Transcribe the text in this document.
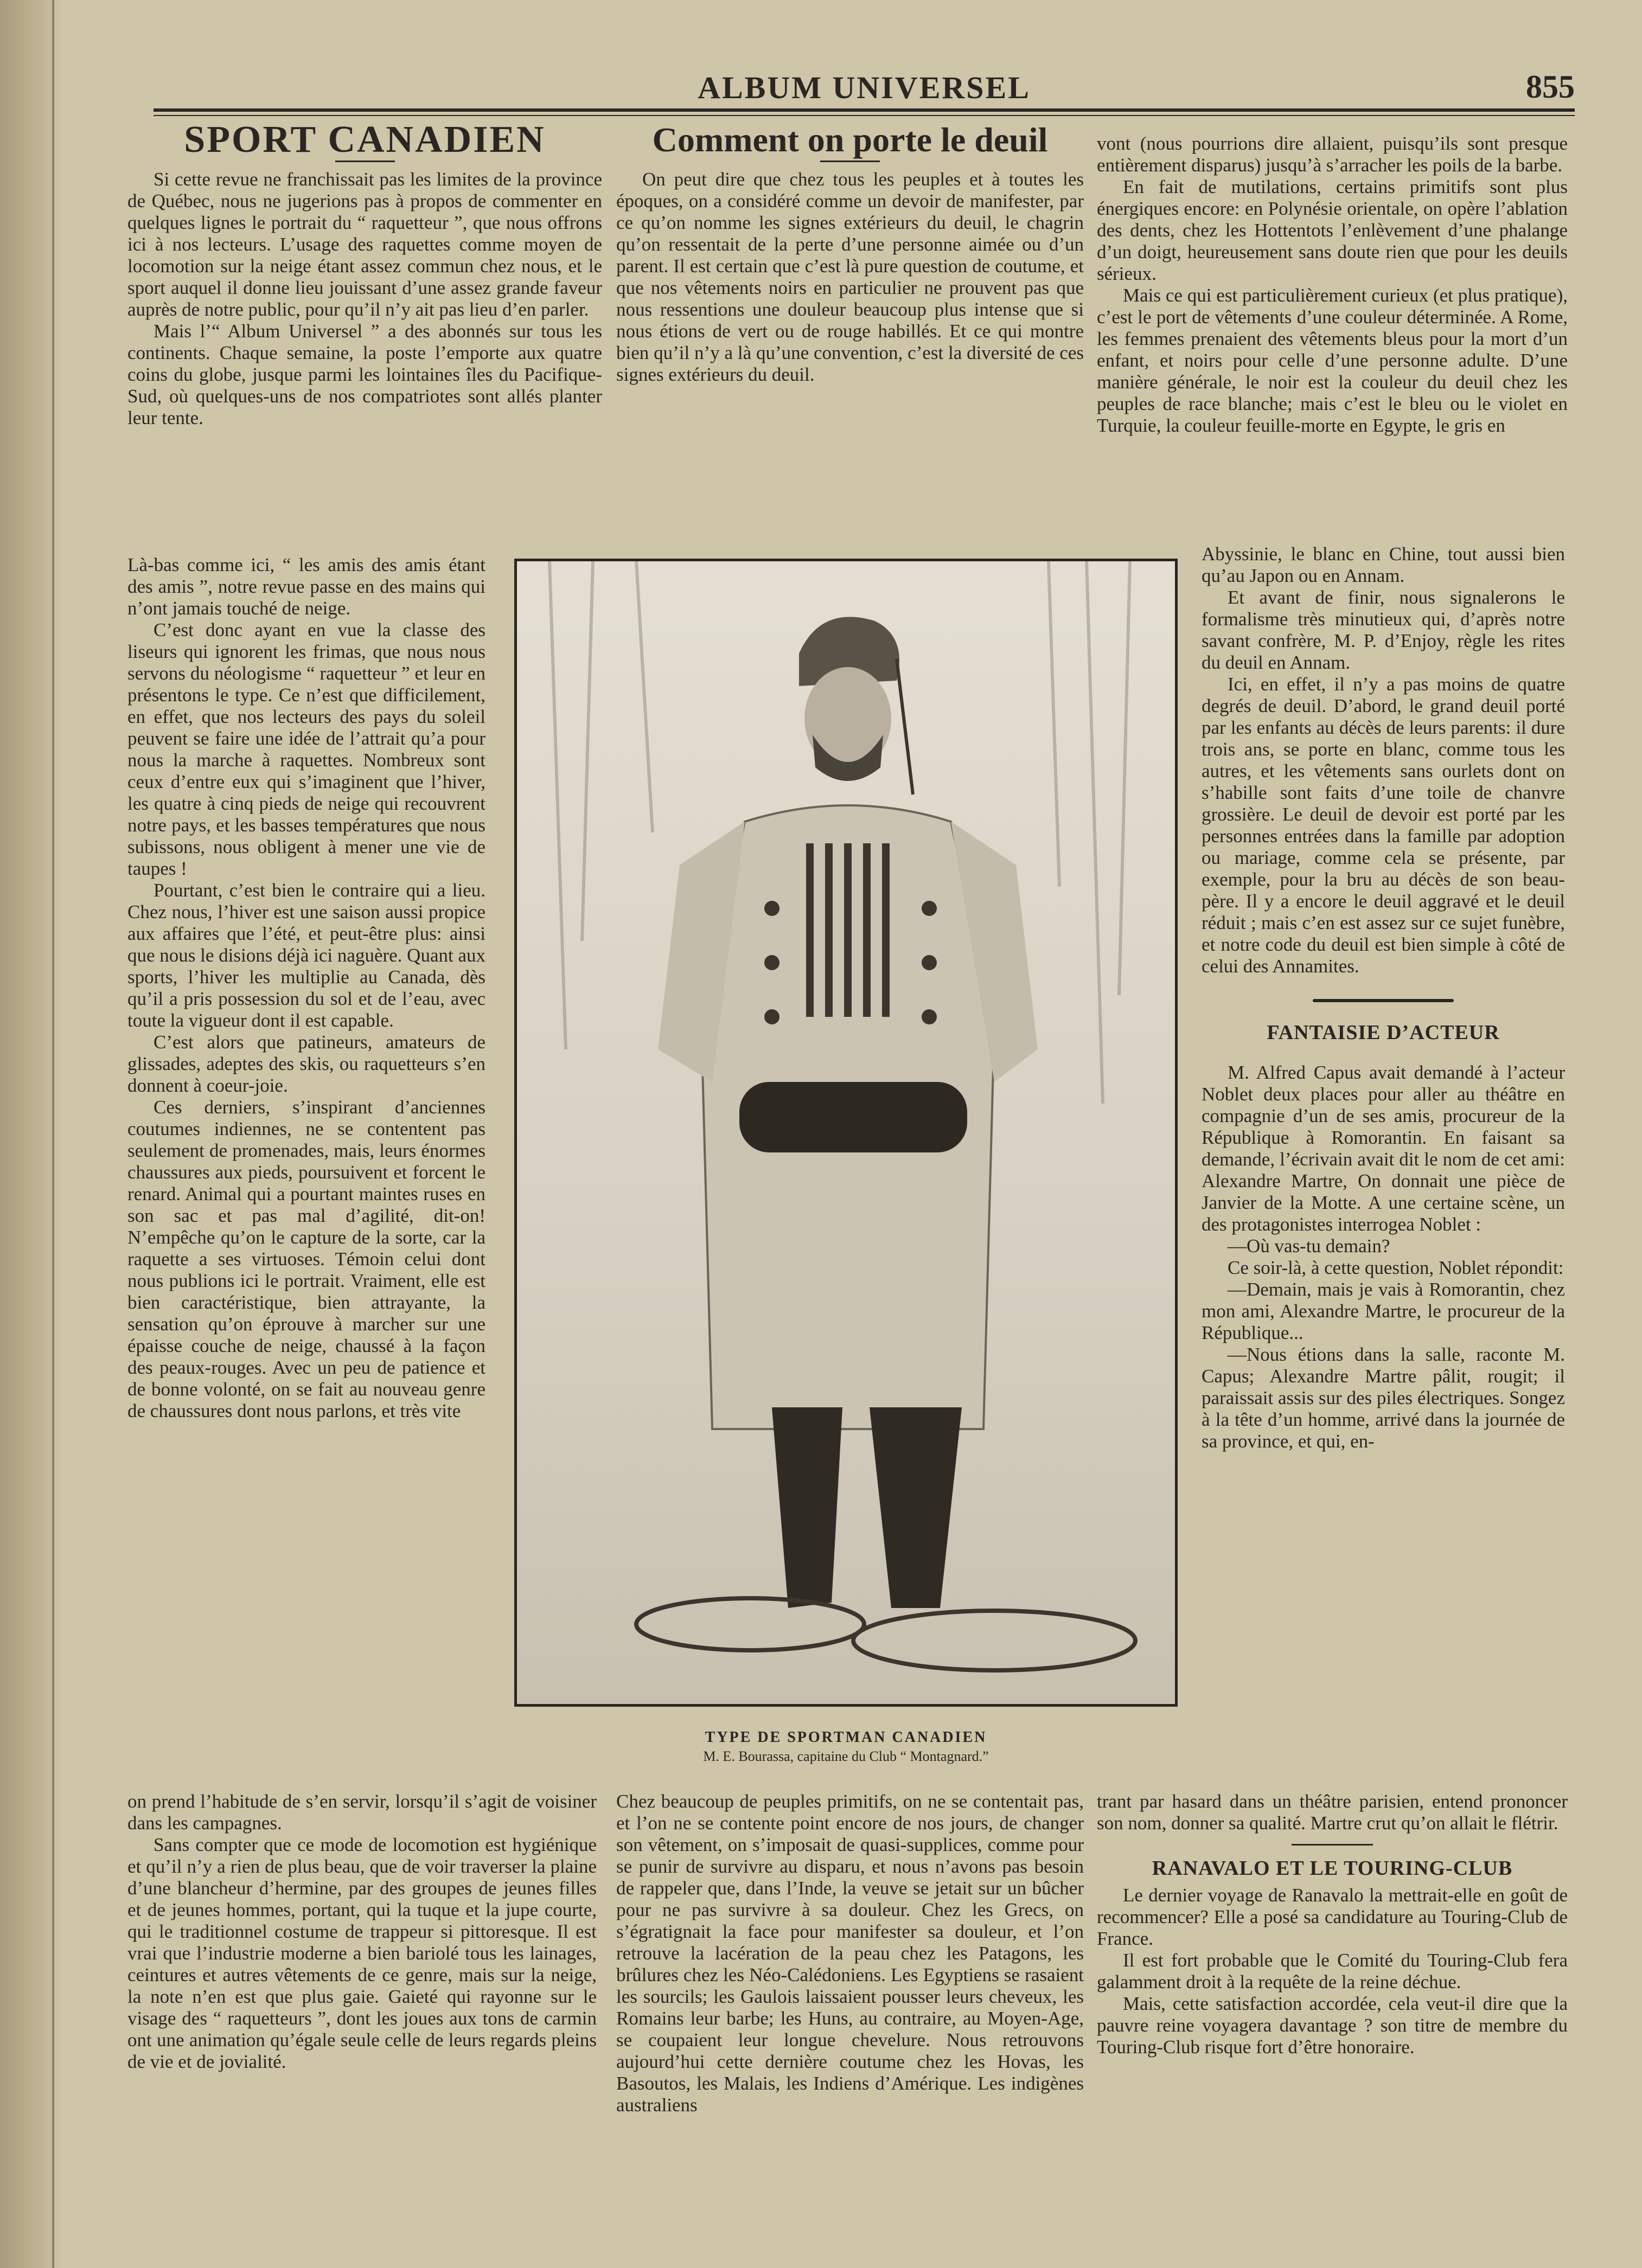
ALBUM UNIVERSEL	855
SPORT CANADIEN

Si cette revue ne franchissait pas les limites de la province de Québec, nous ne jugerions pas à propos de commenter en quelques lignes le portrait du “ raquetteur ”, que nous offrons ici à nos lecteurs. L’usage des raquettes comme moyen de locomotion sur la neige étant assez commun chez nous, et le sport auquel il donne lieu jouissant d’une assez grande faveur auprès de notre public, pour qu’il n’y ait pas lieu d’en parler.

Mais l’“ Album Universel ” a des abonnés sur tous les continents. Chaque semaine, la poste l’emporte aux quatre coins du globe, jusque parmi les lointaines îles du Pacifique-Sud, où quelques-uns de nos compatriotes sont allés planter leur tente.

Là-bas comme ici, “ les amis des amis étant des amis ”, notre revue passe en des mains qui n’ont jamais touché de neige.

C’est donc ayant en vue la classe des liseurs qui ignorent les frimas, que nous nous servons du néologisme “ raquetteur ” et leur en présentons le type. Ce n’est que difficilement, en effet, que nos lecteurs des pays du soleil peuvent se faire une idée de l’attrait qu’a pour nous la marche à raquettes. Nombreux sont ceux d’entre eux qui s’imaginent que l’hiver, les quatre à cinq pieds de neige qui recouvrent notre pays, et les basses températures que nous subissons, nous obligent à mener une vie de taupes !

Pourtant, c’est bien le contraire qui a lieu. Chez nous, l’hiver est une saison aussi propice aux affaires que l’été, et peut-être plus: ainsi que nous le disions déjà ici naguère. Quant aux sports, l’hiver les multiplie au Canada, dès qu’il a pris possession du sol et de l’eau, avec toute la vigueur dont il est capable.

C’est alors que patineurs, amateurs de glissades, adeptes des skis, ou raquetteurs s’en donnent à coeur-joie.

Ces derniers, s’inspirant d’anciennes coutumes indiennes, ne se contentent pas seulement de promenades, mais, leurs énormes chaussures aux pieds, poursuivent et forcent le renard. Animal qui a pourtant maintes ruses en son sac et pas mal d’agilité, dit-on! N’empêche qu’on le capture de la sorte, car la raquette a ses virtuoses. Témoin celui dont nous publions ici le portrait. Vraiment, elle est bien caractéristique, bien attrayante, la sensation qu’on éprouve à marcher sur une épaisse couche de neige, chaussé à la façon des peaux-rouges. Avec un peu de patience et de bonne volonté, on se fait au nouveau genre de chaussures dont nous parlons, et très vite

on prend l’habitude de s’en servir, lorsqu’il s’agit de voisiner dans les campagnes.

Sans compter que ce mode de locomotion est hygiénique et qu’il n’y a rien de plus beau, que de voir traverser la plaine d’une blancheur d’hermine, par des groupes de jeunes filles et de jeunes hommes, portant, qui la tuque et la jupe courte, qui le traditionnel costume de trappeur si pittoresque. Il est vrai que l’industrie moderne a bien bariolé tous les lainages, ceintures et autres vêtements de ce genre, mais sur la neige, la note n’en est que plus gaie. Gaieté qui rayonne sur le visage des “ raquetteurs ”, dont les joues aux tons de carmin ont une animation qu’égale seule celle de leurs regards pleins de vie et de jovialité.

Comment on porte le deuil

On peut dire que chez tous les peuples et à toutes les époques, on a considéré comme un devoir de manifester, par ce qu’on nomme les signes extérieurs du deuil, le chagrin qu’on ressentait de la perte d’une personne aimée ou d’un parent. Il est certain que c’est là pure question de coutume, et que nos vêtements noirs en particulier ne prouvent pas que nous ressentions une douleur beaucoup plus intense que si nous étions de vert ou de rouge habillés. Et ce qui montre bien qu’il n’y a là qu’une convention, c’est la diversité de ces signes extérieurs du deuil.

Chez beaucoup de peuples primitifs, on ne se contentait pas, et l’on ne se contente point encore de nos jours, de changer son vêtement, on s’imposait de quasi-supplices, comme pour se punir de survivre au disparu, et nous n’avons pas besoin de rappeler que, dans l’Inde, la veuve se jetait sur un bûcher pour ne pas survivre à sa douleur. Chez les Grecs, on s’égratignait la face pour manifester sa douleur, et l’on retrouve la lacération de la peau chez les Patagons, les brûlures chez les Néo-Calédoniens. Les Egyptiens se rasaient les sourcils; les Gaulois laissaient pousser leurs cheveux, les Romains leur barbe; les Huns, au contraire, au Moyen-Age, se coupaient leur longue chevelure. Nous retrouvons aujourd’hui cette dernière coutume chez les Hovas, les Basoutos, les Malais, les Indiens d’Amérique. Les indigènes australiens

vont (nous pourrions dire allaient, puisqu’ils sont presque entièrement disparus) jusqu’à s’arracher les poils de la barbe.

En fait de mutilations, certains primitifs sont plus énergiques encore: en Polynésie orientale, on opère l’ablation des dents, chez les Hottentots l’enlèvement d’une phalange d’un doigt, heureusement sans doute rien que pour les deuils sérieux.

Mais ce qui est particulièrement curieux (et plus pratique), c’est le port de vêtements d’une couleur déterminée. A Rome, les femmes prenaient des vêtements bleus pour la mort d’un enfant, et noirs pour celle d’une personne adulte. D’une manière générale, le noir est la couleur du deuil chez les peuples de race blanche; mais c’est le bleu ou le violet en Turquie, la couleur feuille-morte en Egypte, le gris en

Abyssinie, le blanc en Chine, tout aussi bien qu’au Japon ou en Annam.

Et avant de finir, nous signalerons le formalisme très minutieux qui, d’après notre savant confrère, M. P. d’Enjoy, règle les rites du deuil en Annam.

Ici, en effet, il n’y a pas moins de quatre degrés de deuil. D’abord, le grand deuil porté par les enfants au décès de leurs parents: il dure trois ans, se porte en blanc, comme tous les autres, et les vêtements sans ourlets dont on s’habille sont faits d’une toile de chanvre grossière. Le deuil de devoir est porté par les personnes entrées dans la famille par adoption ou mariage, comme cela se présente, par exemple, pour la bru au décès de son beau-père. Il y a encore le deuil aggravé et le deuil réduit ; mais c’en est assez sur ce sujet funèbre, et notre code du deuil est bien simple à côté de celui des Annamites.

FANTAISIE D’ACTEUR

M. Alfred Capus avait demandé à l’acteur Noblet deux places pour aller au théâtre en compagnie d’un de ses amis, procureur de la République à Romorantin. En faisant sa demande, l’écrivain avait dit le nom de cet ami: Alexandre Martre, On donnait une pièce de Janvier de la Motte. A une certaine scène, un des protagonistes interrogea Noblet :

—Où vas-tu demain?

Ce soir-là, à cette question, Noblet répondit:

—Demain, mais je vais à Romorantin, chez mon ami, Alexandre Martre, le procureur de la République...

—Nous étions dans la salle, raconte M. Capus; Alexandre Martre pâlit, rougit; il paraissait assis sur des piles électriques. Songez à la tête d’un homme, arrivé dans la journée de sa province, et qui, en-

trant par hasard dans un théâtre parisien, entend prononcer son nom, donner sa qualité. Martre crut qu’on allait le flétrir.

RANAVALO ET LE TOURING-CLUB

Le dernier voyage de Ranavalo la mettrait-elle en goût de recommencer? Elle a posé sa candidature au Touring-Club de France.

Il est fort probable que le Comité du Touring-Club fera galamment droit à la requête de la reine déchue.

Mais, cette satisfaction accordée, cela veut-il dire que la pauvre reine voyagera davantage ? son titre de membre du Touring-Club risque fort d’être honoraire.

TYPE DE SPORTMAN CANADIEN
M. E. Bourassa, capitaine du Club “ Montagnard.”
